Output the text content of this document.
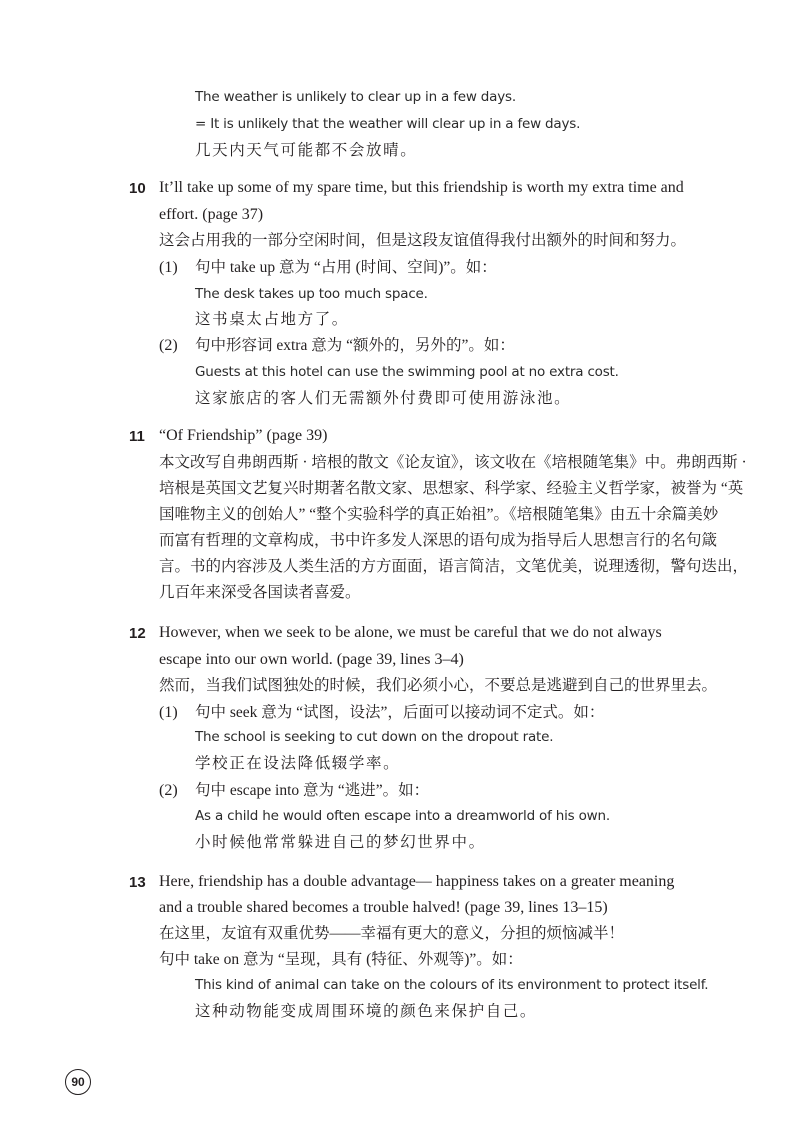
The weather is unlikely to clear up in a few days.
= It is unlikely that the weather will clear up in a few days.
几天内天气可能都不会放晴。
10 It’ll take up some of my spare time, but this friendship is worth my extra time and
effort. (page 37)
这会占用我的一部分空闲时间，但是这段友谊值得我付出额外的时间和努力。
(1) 句中 take up 意为 “占用 (时间、空间)”。如：
The desk takes up too much space.
这书桌太占地方了。
(2) 句中形容词 extra 意为 “额外的，另外的”。如：
Guests at this hotel can use the swimming pool at no extra cost.
这家旅店的客人们无需额外付费即可使用游泳池。
11 “Of Friendship” (page 39)
本文改写自弗朗西斯 · 培根的散文《论友谊》，该文收在《培根随笔集》中。弗朗西斯 ·
培根是英国文艺复兴时期著名散文家、思想家、科学家、经验主义哲学家，被誉为 “英
国唯物主义的创始人” “整个实验科学的真正始祖”。《培根随笔集》由五十余篇美妙
而富有哲理的文章构成，书中许多发人深思的语句成为指导后人思想言行的名句箴
言。书的内容涉及人类生活的方方面面，语言简洁，文笔优美，说理透彻，警句迭出，
几百年来深受各国读者喜爱。
12 However, when we seek to be alone, we must be careful that we do not always
escape into our own world. (page 39, lines 3–4)
然而，当我们试图独处的时候，我们必须小心，不要总是逃避到自己的世界里去。
(1) 句中 seek 意为 “试图，设法”，后面可以接动词不定式。如：
The school is seeking to cut down on the dropout rate.
学校正在设法降低辍学率。
(2) 句中 escape into 意为 “逃进”。如：
As a child he would often escape into a dreamworld of his own.
小时候他常常躲进自己的梦幻世界中。
13 Here, friendship has a double advantage— happiness takes on a greater meaning
and a trouble shared becomes a trouble halved! (page 39, lines 13–15)
在这里，友谊有双重优势——幸福有更大的意义，分担的烦恼减半！
句中 take on 意为 “呈现，具有 (特征、外观等)”。如：
This kind of animal can take on the colours of its environment to protect itself.
这种动物能变成周围环境的颜色来保护自己。
90
